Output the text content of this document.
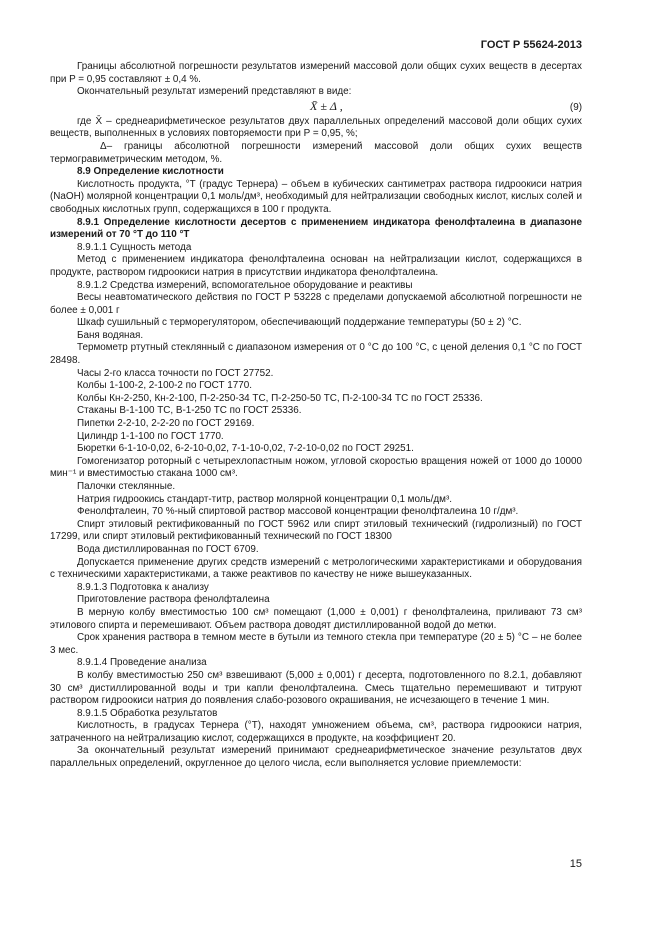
ГОСТ Р 55624-2013

Границы абсолютной погрешности результатов измерений массовой доли общих сухих веществ в десертах при P = 0,95 составляют ± 0,4 %.

Окончательный результат измерений представляют в виде:

X̄ ± Δ ,	(9)

где X̄ – среднеарифметическое результатов двух параллельных определений массовой доли общих сухих веществ, выполненных в условиях повторяемости при P = 0,95, %;

Δ– границы абсолютной погрешности измерений массовой доли общих сухих веществ термогравиметрическим методом, %.

8.9 Определение кислотности

Кислотность продукта, °Т (градус Тернера) – объем в кубических сантиметрах раствора гидроокиси натрия (NaOH) молярной концентрации 0,1 моль/дм³, необходимый для нейтрализации свободных кислот, кислых солей и свободных кислотных групп, содержащихся в 100 г продукта.

8.9.1 Определение кислотности десертов с применением индикатора фенолфталеина в диапазоне измерений от 70 °Т до 110 °Т

8.9.1.1 Сущность метода

Метод с применением индикатора фенолфталеина основан на нейтрализации кислот, содержащихся в продукте, раствором гидроокиси натрия в присутствии индикатора фенолфталеина.

8.9.1.2 Средства измерений, вспомогательное оборудование и реактивы

Весы неавтоматического действия по ГОСТ Р 53228 с пределами допускаемой абсолютной погрешности не более ± 0,001 г

Шкаф сушильный с терморегулятором, обеспечивающий поддержание температуры (50 ± 2) °С.

Баня водяная.

Термометр ртутный стеклянный с диапазоном измерения от 0 °С до 100 °С, с ценой деления 0,1 °С по ГОСТ 28498.

Часы 2-го класса точности по ГОСТ 27752.

Колбы 1-100-2, 2-100-2 по ГОСТ 1770.

Колбы Кн-2-250, Кн-2-100, П-2-250-34 ТС, П-2-250-50 ТС, П-2-100-34 ТС по ГОСТ 25336.

Стаканы В-1-100 ТС, В-1-250 ТС по ГОСТ 25336.

Пипетки 2-2-10, 2-2-20 по ГОСТ 29169.

Цилиндр 1-1-100 по ГОСТ 1770.

Бюретки 6-1-10-0,02, 6-2-10-0,02, 7-1-10-0,02, 7-2-10-0,02 по ГОСТ 29251.

Гомогенизатор роторный с четырехлопастным ножом, угловой скоростью вращения ножей от 1000 до 10000 мин⁻¹ и вместимостью стакана 1000 см³.

Палочки стеклянные.

Натрия гидроокись стандарт-титр, раствор молярной концентрации 0,1 моль/дм³.

Фенолфталеин, 70 %-ный спиртовой раствор массовой концентрации фенолфталеина 10 г/дм³.

Спирт этиловый ректификованный по ГОСТ 5962 или спирт этиловый технический (гидролизный) по ГОСТ 17299, или спирт этиловый ректификованный технический по ГОСТ 18300

Вода дистиллированная по ГОСТ 6709.

Допускается применение других средств измерений с метрологическими характеристиками и оборудования с техническими характеристиками, а также реактивов по качеству не ниже вышеуказанных.

8.9.1.3 Подготовка к анализу

Приготовление раствора фенолфталеина

В мерную колбу вместимостью 100 см³ помещают (1,000 ± 0,001) г фенолфталеина, приливают 73 см³ этилового спирта и перемешивают. Объем раствора доводят дистиллированной водой до метки.

Срок хранения раствора в темном месте в бутыли из темного стекла при температуре (20 ± 5) °С – не более 3 мес.

8.9.1.4 Проведение анализа

В колбу вместимостью 250 см³ взвешивают (5,000 ± 0,001) г десерта, подготовленного по 8.2.1, добавляют 30 см³ дистиллированной воды и три капли фенолфталеина. Смесь тщательно перемешивают и титруют раствором гидроокиси натрия до появления слабо-розового окрашивания, не исчезающего в течение 1 мин.

8.9.1.5 Обработка результатов

Кислотность, в градусах Тернера (°Т), находят умножением объема, см³, раствора гидроокиси натрия, затраченного на нейтрализацию кислот, содержащихся в продукте, на коэффициент 20.

За окончательный результат измерений принимают среднеарифметическое значение результатов двух параллельных определений, округленное до целого числа, если выполняется условие приемлемости:

15
